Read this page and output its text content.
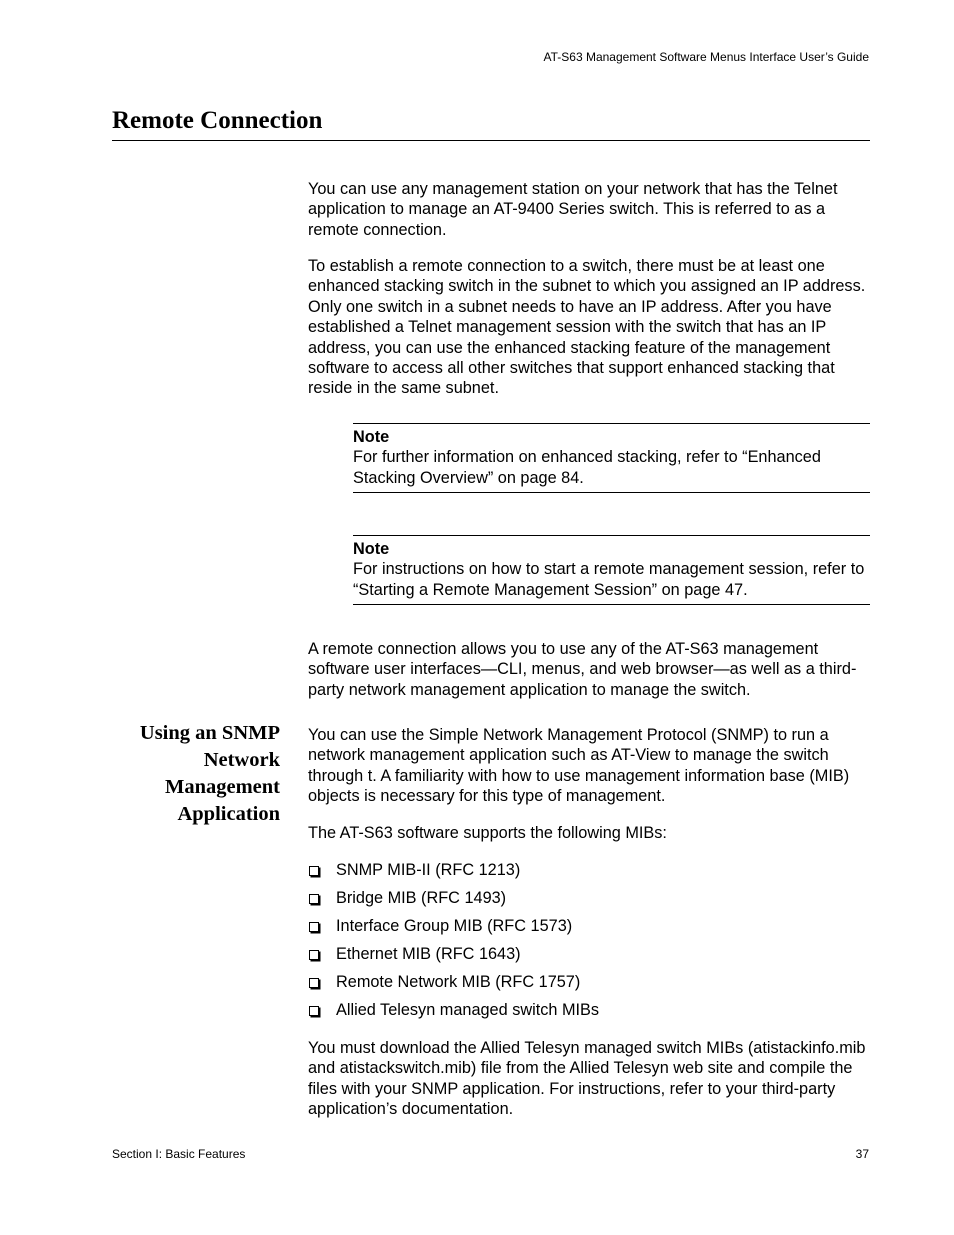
AT-S63 Management Software Menus Interface User’s Guide
Remote Connection

You can use any management station on your network that has the Telnet application to manage an AT-9400 Series switch. This is referred to as a remote connection.

To establish a remote connection to a switch, there must be at least one enhanced stacking switch in the subnet to which you assigned an IP address. Only one switch in a subnet needs to have an IP address. After you have established a Telnet management session with the switch that has an IP address, you can use the enhanced stacking feature of the management software to access all other switches that support enhanced stacking that reside in the same subnet.

Note
For further information on enhanced stacking, refer to “Enhanced Stacking Overview” on page 84.
Note
For instructions on how to start a remote management session, refer to “Starting a Remote Management Session” on page 47.

A remote connection allows you to use any of the AT-S63 management software user interfaces—CLI, menus, and web browser—as well as a third-party network management application to manage the switch.

Using an SNMP
Network
Management
Application

You can use the Simple Network Management Protocol (SNMP) to run a network management application such as AT-View to manage the switch through t. A familiarity with how to use management information base (MIB) objects is necessary for this type of management.

The AT-S63 software supports the following MIBs:

SNMP MIB-II (RFC 1213)
Bridge MIB (RFC 1493)
Interface Group MIB (RFC 1573)
Ethernet MIB (RFC 1643)
Remote Network MIB (RFC 1757)
Allied Telesyn managed switch MIBs

You must download the Allied Telesyn managed switch MIBs (atistackinfo.mib and atistackswitch.mib) file from the Allied Telesyn web site and compile the files with your SNMP application. For instructions, refer to your third-party application’s documentation.

Section I: Basic Features	37
